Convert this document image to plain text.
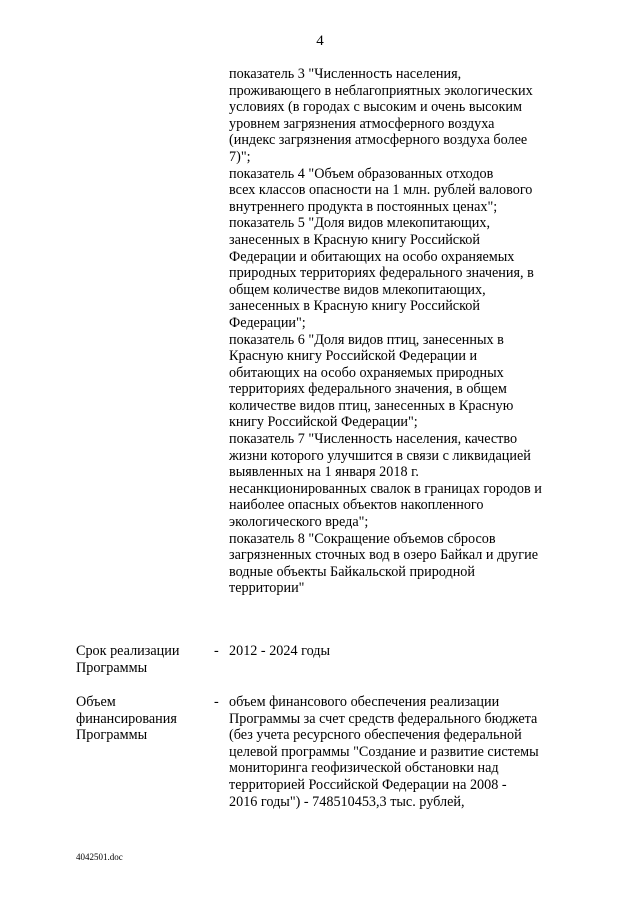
4
показатель 3 "Численность населения,
проживающего в неблагоприятных экологических
условиях (в городах с высоким и очень высоким
уровнем загрязнения атмосферного воздуха
(индекс загрязнения атмосферного воздуха более
7)";
показатель 4 "Объем образованных отходов
всех классов опасности на 1 млн. рублей валового
внутреннего продукта в постоянных ценах";
показатель 5 "Доля видов млекопитающих,
занесенных в Красную книгу Российской
Федерации и обитающих на особо охраняемых
природных территориях федерального значения, в
общем количестве видов млекопитающих,
занесенных в Красную книгу Российской
Федерации";
показатель 6 "Доля видов птиц, занесенных в
Красную книгу Российской Федерации и
обитающих на особо охраняемых природных
территориях федерального значения, в общем
количестве видов птиц, занесенных в Красную
книгу Российской Федерации";
показатель 7 "Численность населения, качество
жизни которого улучшится в связи с ликвидацией
выявленных на 1 января 2018 г.
несанкционированных свалок в границах городов и
наиболее опасных объектов накопленного
экологического вреда";
показатель 8 "Сокращение объемов сбросов
загрязненных сточных вод в озеро Байкал и другие
водные объекты Байкальской природной
территории"
Срок реализации
Программы
- 2012 - 2024 годы
Объем
финансирования
Программы
- объем финансового обеспечения реализации
Программы за счет средств федерального бюджета
(без учета ресурсного обеспечения федеральной
целевой программы "Создание и развитие системы
мониторинга геофизической обстановки над
территорией Российской Федерации на 2008 -
2016 годы") - 748510453,3 тыс. рублей,
4042501.doc
